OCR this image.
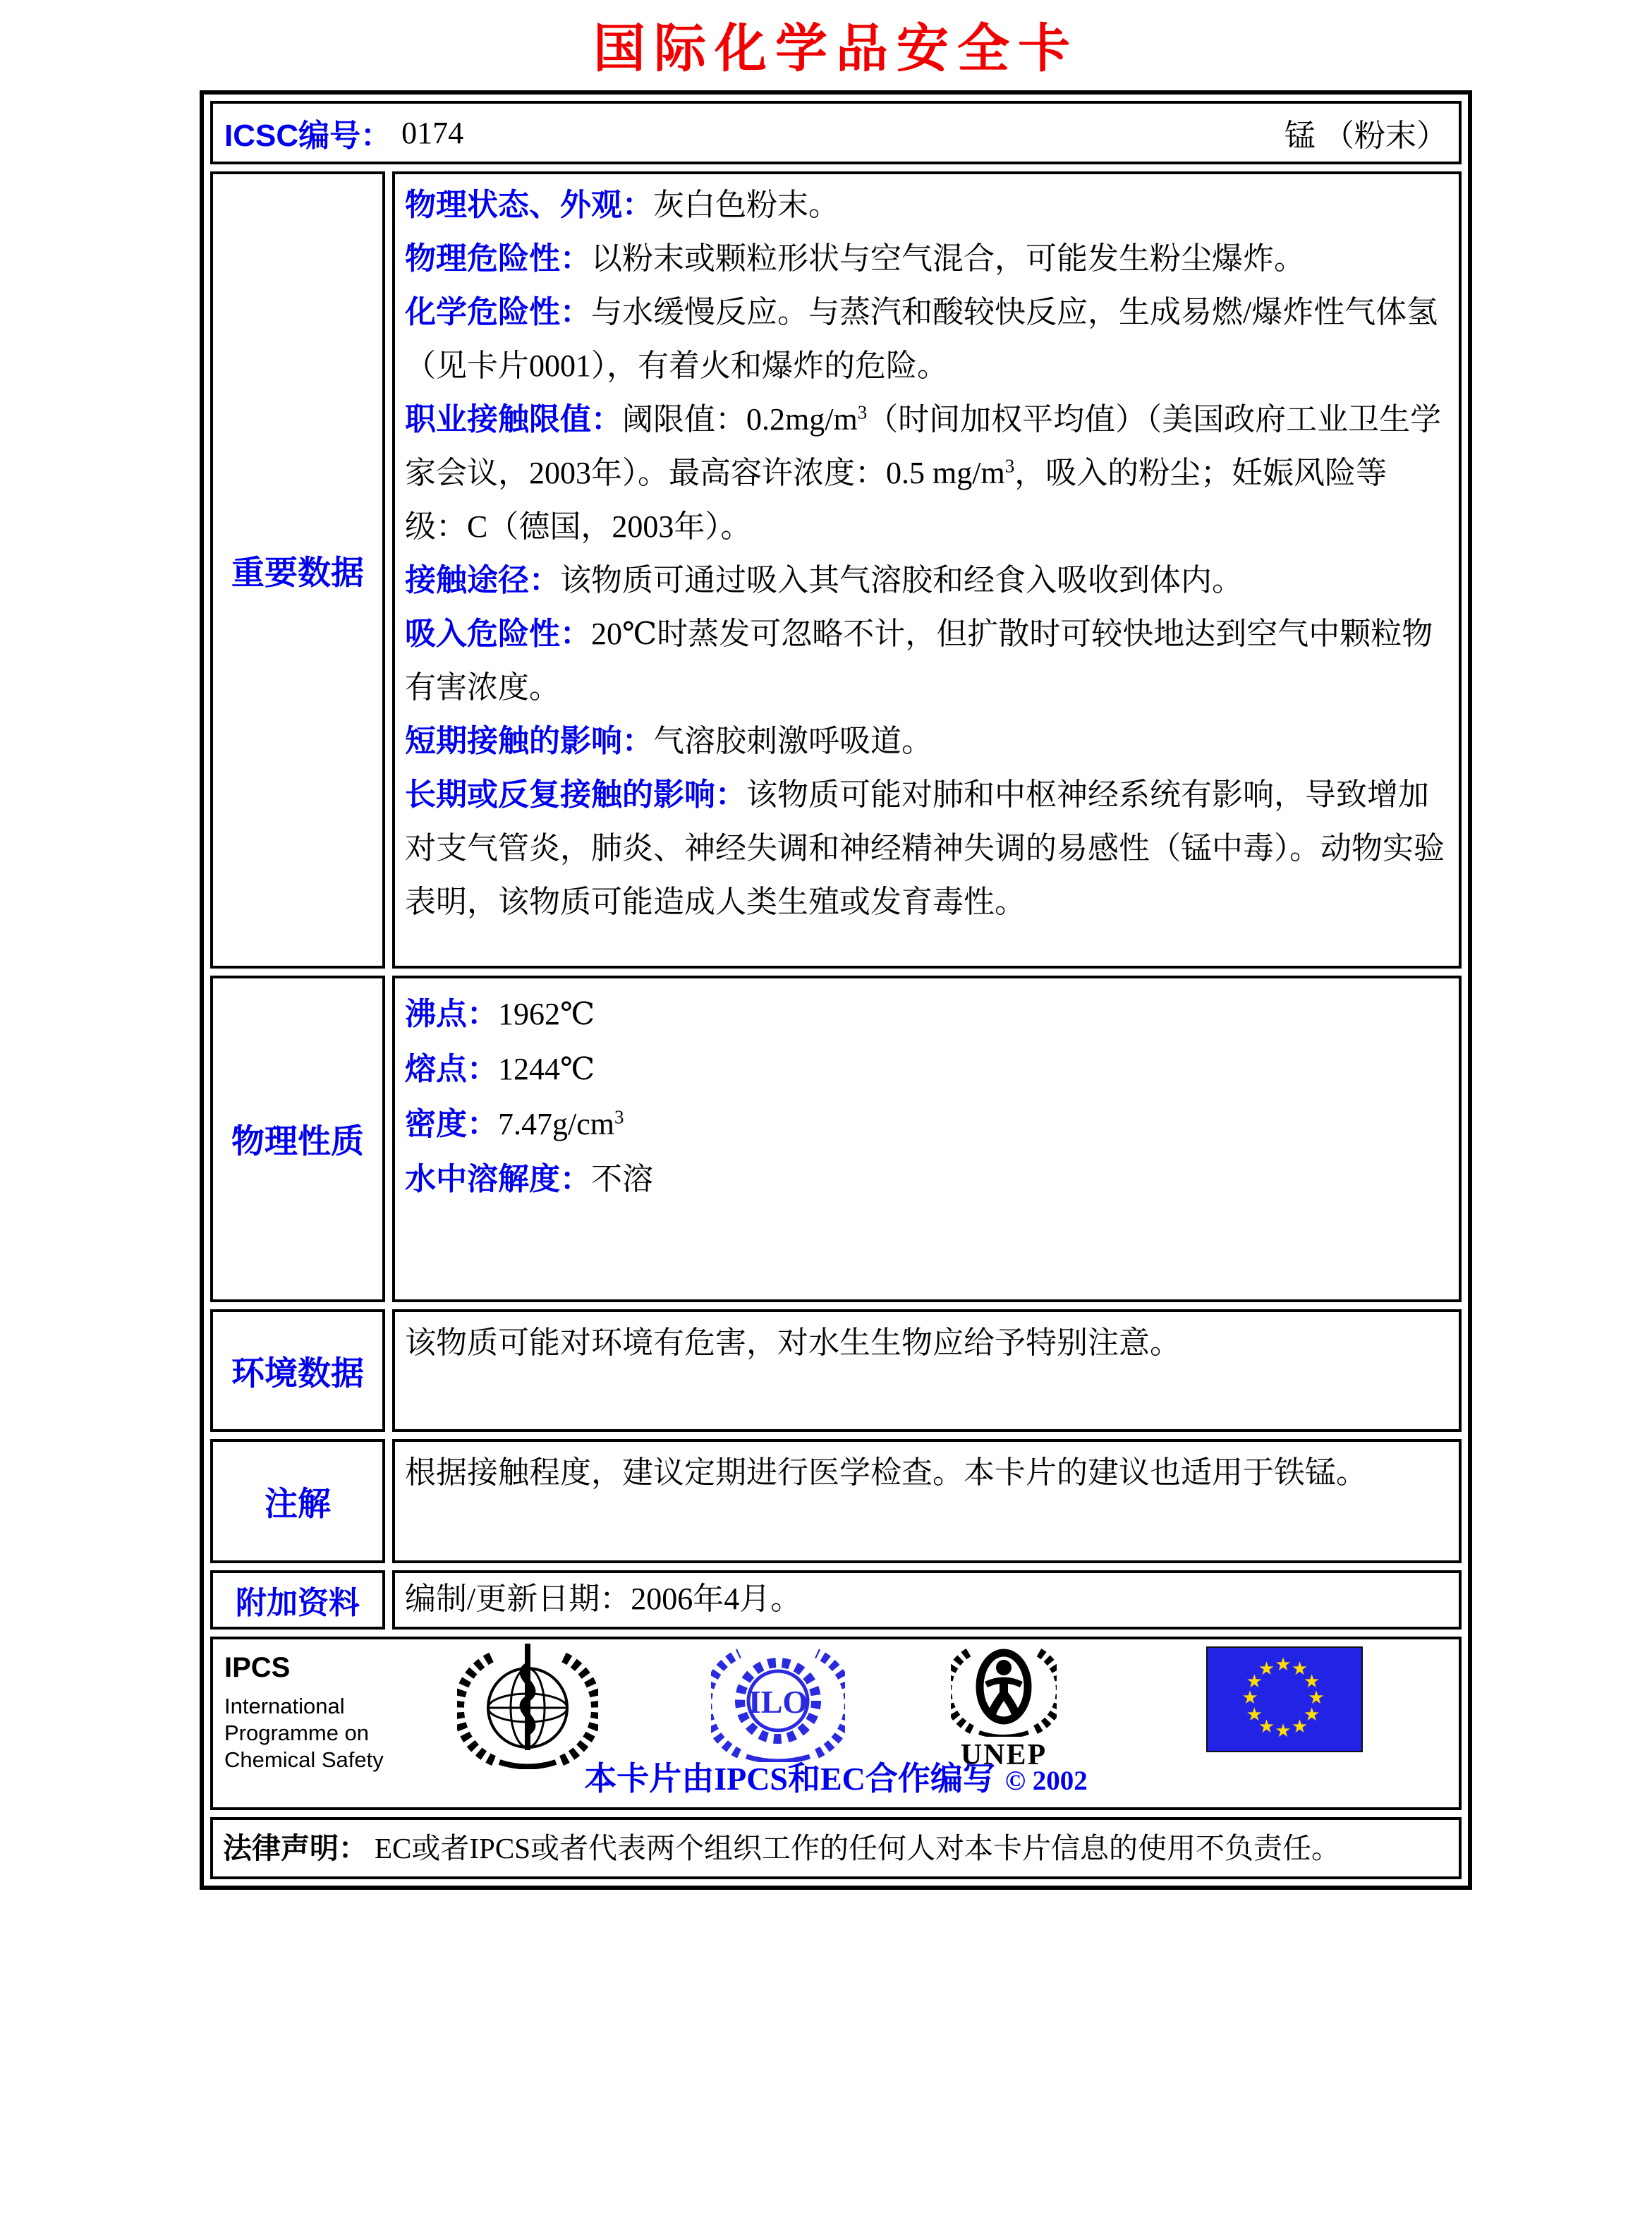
国际化学品安全卡
ICSC编号： 0174	锰 （粉末）
重要数据
物理状态、外观：灰白色粉末。
物理危险性：以粉末或颗粒形状与空气混合，可能发生粉尘爆炸。
化学危险性：与水缓慢反应。与蒸汽和酸较快反应，生成易燃/爆炸性气体氢（见卡片0001），有着火和爆炸的危险。
职业接触限值：阈限值：$0.2mg/m^3$（时间加权平均值）（美国政府工业卫生学家会议，2003年）。最高容许浓度：0.5 $mg/m^3$，吸入的粉尘；妊娠风险等级：C（德国，2003年）。
接触途径：该物质可通过吸入其气溶胶和经食入吸收到体内。
吸入危险性：20℃时蒸发可忽略不计，但扩散时可较快地达到空气中颗粒物有害浓度。
短期接触的影响：气溶胶刺激呼吸道。
长期或反复接触的影响：该物质可能对肺和中枢神经系统有影响，导致增加对支气管炎，肺炎、神经失调和神经精神失调的易感性（锰中毒）。动物实验表明，该物质可能造成人类生殖或发育毒性。
物理性质
沸点：1962℃
熔点：1244℃
密度：$7.47g/cm^3$
水中溶解度：不溶
环境数据
该物质可能对环境有危害，对水生生物应给予特别注意。
注解
根据接触程度，建议定期进行医学检查。本卡片的建议也适用于铁锰。
附加资料	编制/更新日期：2006年4月。
IPCS
International
Programme on
Chemical Safety
ILO
UNEP
★ ★
★
★
★
★
★
★
★
★
★
★
本卡片由IPCS和EC合作编写 © 2002
法律声明： EC或者IPCS或者代表两个组织工作的任何人对本卡片信息的使用不负责任。
